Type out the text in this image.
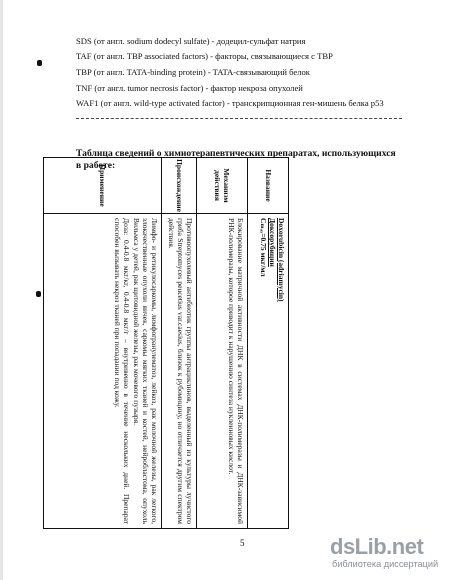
SDS (от англ. sodium dodecyl sulfate) - додецил-сульфат натрия
TAF (от англ. TBP associated factors) - факторы, связывающиеся с TBP
TBP (от англ. TATA-binding protein) - TATA-связывающий белок
TNF (от англ. tumor necrosis factor) - фактор некроза опухолей
WAF1 (от англ. wild-type activated factor) - транскрипционная ген-мишень белка p53
Таблица сведений о химиотерапевтических препаратах, использующихся в работе:
Название
Doxorubicin (adriamycin)
Доксорубицин
Cₘₐₓ=0.75 мкг/мл
Механизм действия
Блокирование матричной активности ДНК в системах ДНК-полимеразы и ДНК-зависимой РНК-полимеразы, которое приводит к нарушению синтеза нуклеиновых кислот.
Происхождение
Противоопухолевый антибиотик группы антрациклинов, выделенный из культуры лучистого гриба Streptomyces peucetius var.caesius, близок к рубомицину, но отличается другим спектром действия.
Применение
Лимфо- и ретикулосаркомы, лимфогранулематоз, лейкоз, рак молочной железы, рак легкого, злокачественные опухоли яичек, саркомы мягких тканей и костей, нейробластома, опухоль Вильмса у детей, рак щитовидной железы, рак мочевого пузыря.
Доза: 0.4-0.8 мкг/кг, 0.4-0.8 мкг/г – внутривенно в течение нескольких дней. Препарат способен вызывать некроз тканей при попадании под кожу.
5	dsLib.net
библиотека диссертаций
